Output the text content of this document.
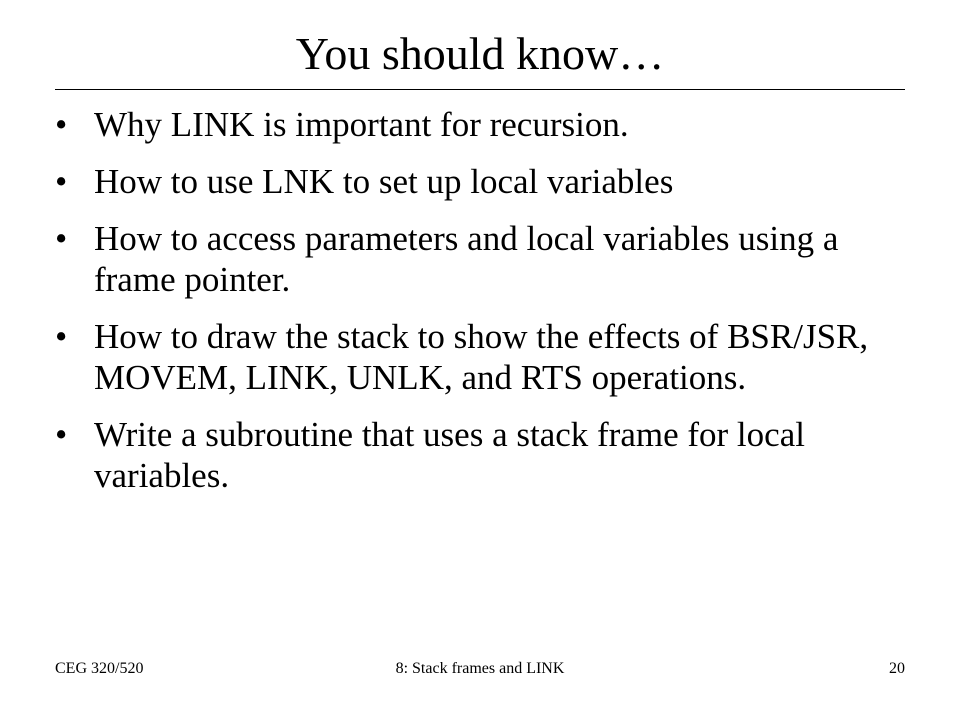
You should know…
• Why LINK is important for recursion.
• How to use LNK to set up local variables
• How to access parameters and local variables using a frame pointer.
• How to draw the stack to show the effects of BSR/JSR, MOVEM, LINK, UNLK, and RTS operations.
• Write a subroutine that uses a stack frame for local variables.
CEG 320/520	8: Stack frames and LINK	20
